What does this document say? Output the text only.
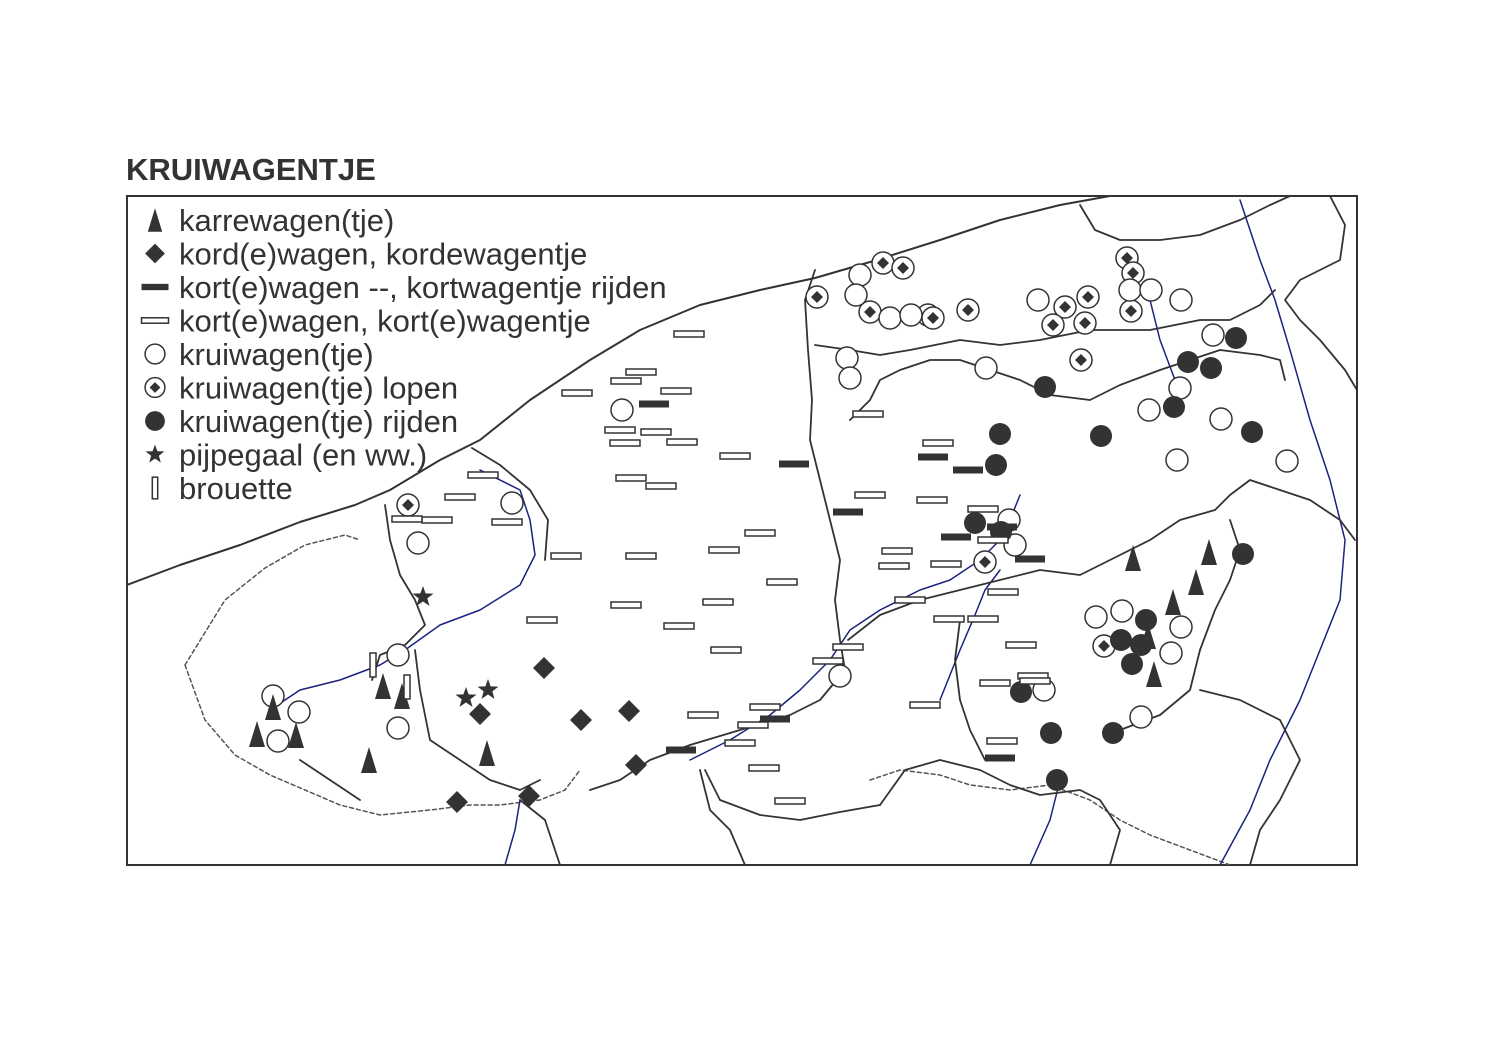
KRUIWAGENTJE
karrewagen(tje)
kord(e)wagen, kordewagentje
kort(e)wagen --, kortwagentje rijden
kort(e)wagen, kort(e)wagentje
kruiwagen(tje)
kruiwagen(tje) lopen
kruiwagen(tje) rijden
pijpegaal (en ww.)
brouette
